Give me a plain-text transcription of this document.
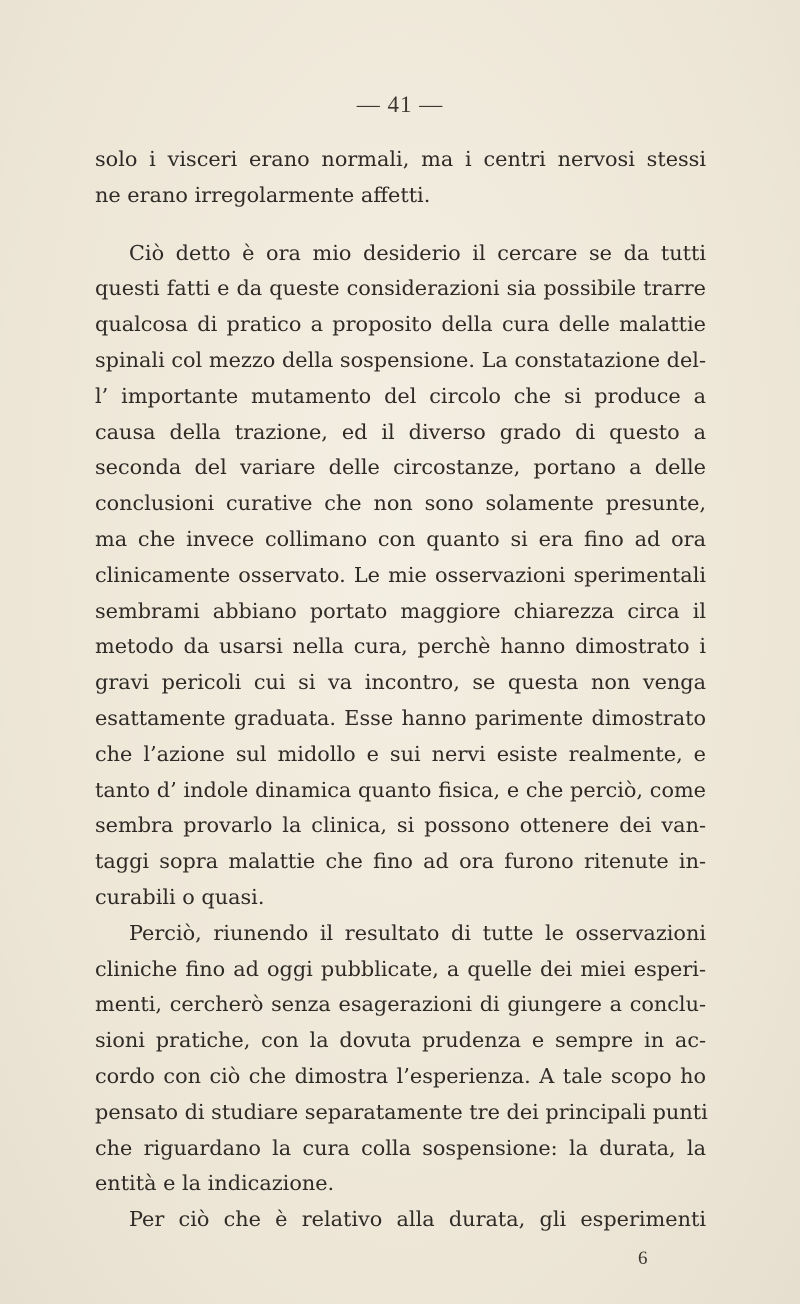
— 41 —
solo i visceri erano normali, ma i centri nervosi stessi
ne erano irregolarmente affetti.
Ciò detto è ora mio desiderio il cercare se da tutti
questi fatti e da queste considerazioni sia possibile trarre
qualcosa di pratico a proposito della cura delle malattie
spinali col mezzo della sospensione. La constatazione del-
l’ importante mutamento del circolo che si produce a
causa della trazione, ed il diverso grado di questo a
seconda del variare delle circostanze, portano a delle
conclusioni curative che non sono solamente presunte,
ma che invece collimano con quanto si era fino ad ora
clinicamente osservato. Le mie osservazioni sperimentali
sembrami abbiano portato maggiore chiarezza circa il
metodo da usarsi nella cura, perchè hanno dimostrato i
gravi pericoli cui si va incontro, se questa non venga
esattamente graduata. Esse hanno parimente dimostrato
che l’azione sul midollo e sui nervi esiste realmente, e
tanto d’ indole dinamica quanto fisica, e che perciò, come
sembra provarlo la clinica, si possono ottenere dei van-
taggi sopra malattie che fino ad ora furono ritenute in-
curabili o quasi.
Perciò, riunendo il resultato di tutte le osservazioni
cliniche fino ad oggi pubblicate, a quelle dei miei esperi-
menti, cercherò senza esagerazioni di giungere a conclu-
sioni pratiche, con la dovuta prudenza e sempre in ac-
cordo con ciò che dimostra l’esperienza. A tale scopo ho
pensato di studiare separatamente tre dei principali punti
che riguardano la cura colla sospensione: la durata, la
entità e la indicazione.
Per ciò che è relativo alla durata, gli esperimenti
6
